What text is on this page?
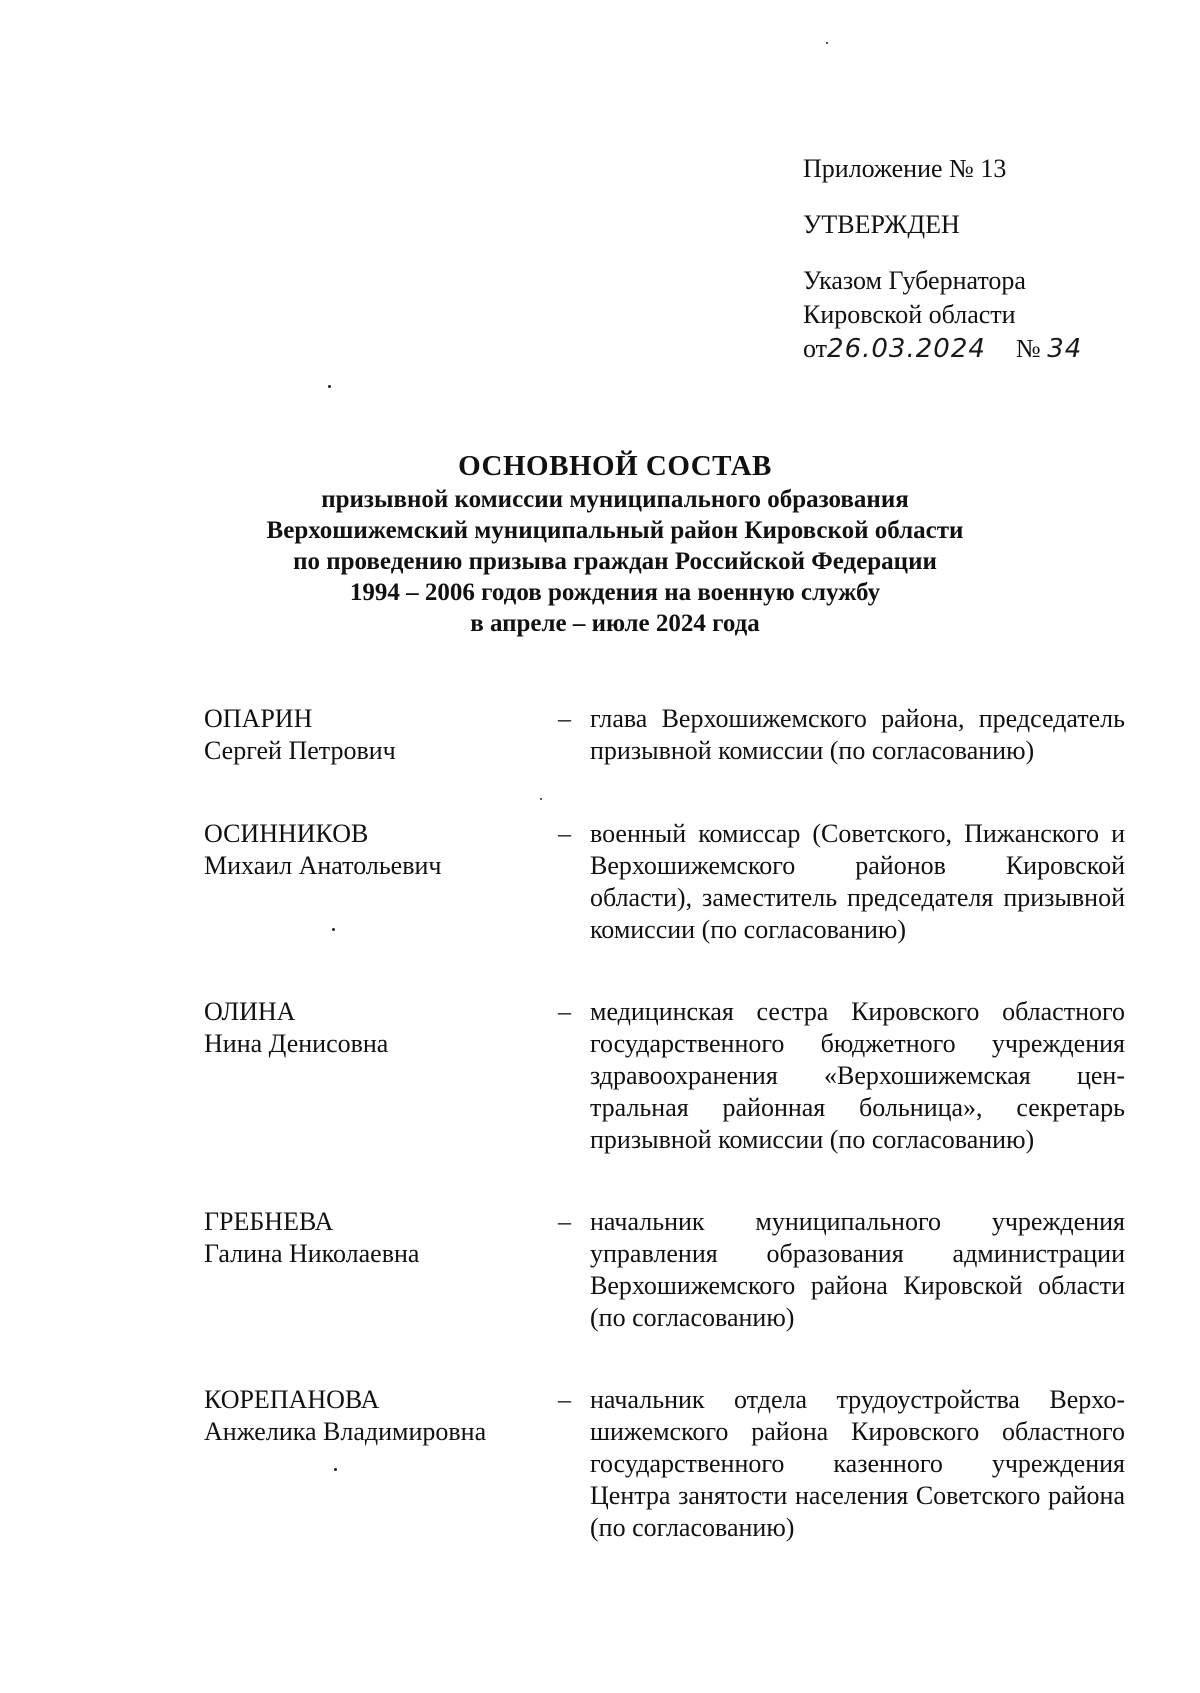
Приложение № 13
УТВЕРЖДЕН
Указом Губернатора
Кировской области
от26.03.2024 № 34
ОСНОВНОЙ СОСТАВ

призывной комиссии муниципального образования

Верхошижемский муниципальный район Кировской области

по проведению призыва граждан Российской Федерации

1994 – 2006 годов рождения на военную службу

в апреле – июле 2024 года

ОПАРИН
Сергей Петрович
– глава Верхошижемского района, председатель призывной комиссии (по согласованию)
ОСИННИКОВ
Михаил Анатольевич
– военный комиссар (Советского, Пижанского и Верхошижемского районов Кировской области), заместитель председателя призывной комиссии (по согласованию)
ОЛИНА
Нина Денисовна
– медицинская сестра Кировского областного государственного бюджетного учреждения здравоохранения «Верхошижемская центральная районная больница», секретарь призывной комиссии (по согласованию)
ГРЕБНЕВА
Галина Николаевна
– начальник муниципального учреждения управления образования администрации Верхошижемского района Кировской области (по согласованию)
КОРЕПАНОВА
Анжелика Владимировна
– начальник отдела трудоустройства Верхошижемского района Кировского областного государственного казенного учреждения Центра занятости населения Советского района (по согласованию)
